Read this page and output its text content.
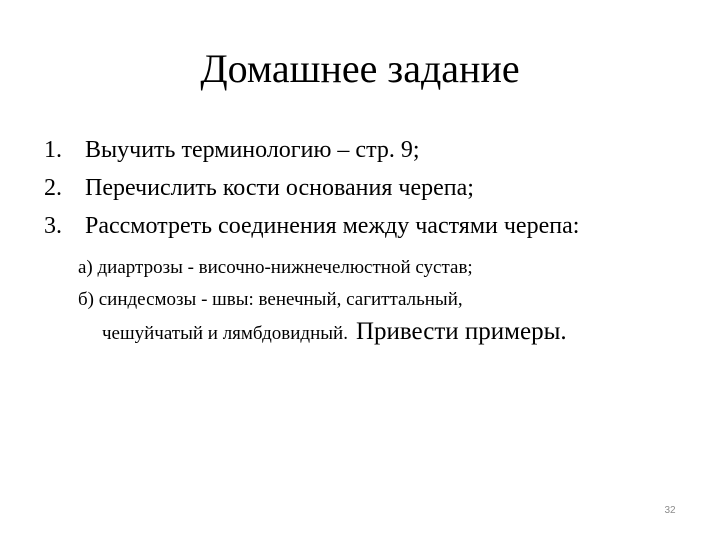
Домашнее задание
1. Выучить терминологию – стр. 9;
2. Перечислить кости основания черепа;
3. Рассмотреть соединения между частями черепа:
а) диартрозы - височно-нижнечелюстной сустав;
б) синдесмозы - швы: венечный, сагиттальный,
чешуйчатый и лямбдовидный. Привести примеры.
32
